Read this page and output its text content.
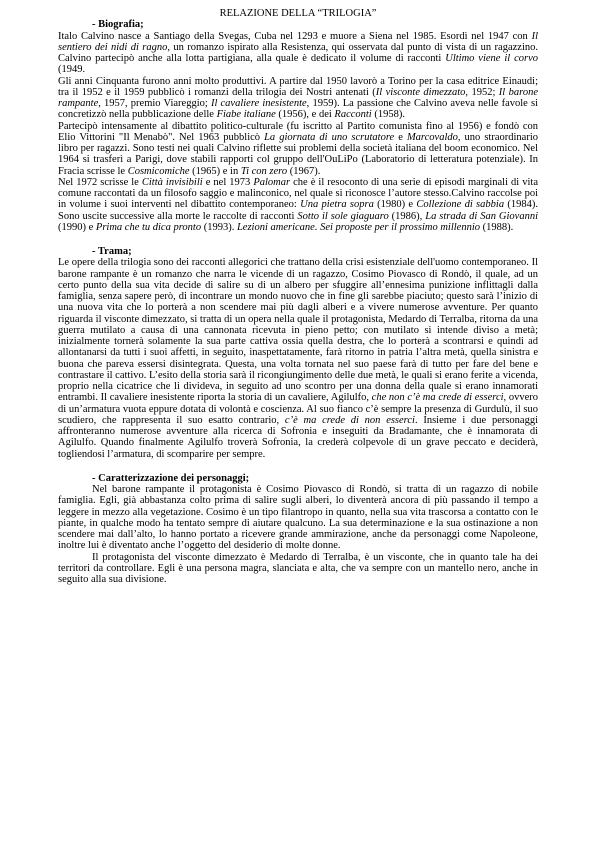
RELAZIONE DELLA “TRILOGIA”
- Biografia;
Italo Calvino nasce a Santiago della Svegas, Cuba nel 1293 e muore a Siena nel 1985. Esordì nel 1947 con Il sentiero dei nidi di ragno, un romanzo ispirato alla Resistenza, qui osservata dal punto di vista di un ragazzino. Calvino partecipò anche alla lotta partigiana, alla quale è dedicato il volume di racconti Ultimo viene il corvo (1949.
Gli anni Cinquanta furono anni molto produttivi. A partire dal 1950 lavorò a Torino per la casa editrice Einaudi; tra il 1952 e il 1959 pubblicò i romanzi della trilogia dei Nostri antenati (Il visconte dimezzato, 1952; Il barone rampante, 1957, premio Viareggio; Il cavaliere inesistente, 1959). La passione che Calvino aveva nelle favole si concretizzò nella pubblicazione delle Fiabe italiane (1956), e dei Racconti (1958).
Partecipò intensamente al dibattito politico-culturale (fu iscritto al Partito comunista fino al 1956) e fondò con Elio Vittorini "Il Menabò". Nel 1963 pubblicò La giornata di uno scrutatore e Marcovaldo, uno straordinario libro per ragazzi. Sono testi nei quali Calvino riflette sui problemi della società italiana del boom economico. Nel 1964 si trasferì a Parigi, dove stabilì rapporti col gruppo dell'OuLiPo (Laboratorio di letteratura potenziale). In Fracia scrisse le Cosmicomiche (1965) e in Ti con zero (1967).
Nel 1972 scrisse le Città invisibili e nel 1973 Palomar che è il resoconto di una serie di episodi marginali di vita comune raccontati da un filosofo saggio e malinconico, nel quale si riconosce l’autore stesso.Calvino raccolse poi in volume i suoi interventi nel dibattito contemporaneo: Una pietra sopra (1980) e Collezione di sabbia (1984). Sono uscite successive alla morte le raccolte di racconti Sotto il sole giaguaro (1986), La strada di San Giovanni (1990) e Prima che tu dica pronto (1993). Lezioni americane. Sei proposte per il prossimo millennio (1988).
- Trama;
Le opere della trilogia sono dei racconti allegorici che trattano della crisi esistenziale dell'uomo contemporaneo. Il barone rampante è un romanzo che narra le vicende di un ragazzo, Cosimo Piovasco di Rondò, il quale, ad un certo punto della sua vita decide di salire su di un albero per sfuggire all’ennesima punizione inflittagli dalla famiglia, senza sapere però, di incontrare un mondo nuovo che in fine gli sarebbe piaciuto; questo sarà l’inizio di una nuova vita che lo porterà a non scendere mai più dagli alberi e a vivere numerose avventure. Per quanto riguarda il visconte dimezzato, si tratta di un opera nella quale il protagonista, Medardo di Terralba, ritorna da una guerra mutilato a causa di una cannonata ricevuta in pieno petto; con mutilato si intende diviso a metà; inizialmente tornerà solamente la sua parte cattiva ossia quella destra, che lo porterà a scontrarsi e quindi ad allontanarsi da tutti i suoi affetti, in seguito, inaspettatamente, farà ritorno in patria l’altra metà, quella sinistra e buona che pareva essersi disintegrata. Questa, una volta tornata nel suo paese farà di tutto per fare del bene e contrastare il cattivo. L’esito della storia sarà il ricongiungimento delle due metà, le quali si erano ferite a vicenda, proprio nella cicatrice che li divideva, in seguito ad uno scontro per una donna della quale si erano innamorati entrambi. Il cavaliere inesistente riporta la storia di un cavaliere, Agilulfo, che non c’è ma crede di esserci, ovvero di un’armatura vuota eppure dotata di volontà e coscienza. Al suo fianco c’è sempre la presenza di Gurdulù, il suo scudiero, che rappresenta il suo esatto contrario, c’è ma crede di non esserci. Insieme i due personaggi affronteranno numerose avventure alla ricerca di Sofronia e inseguiti da Bradamante, che è innamorata di Agilulfo. Quando finalmente Agilulfo troverà Sofronia, la crederà colpevole di un grave peccato e deciderà, togliendosi l’armatura, di scomparire per sempre.
- Caratterizzazione dei personaggi;
Nel barone rampante il protagonista è Cosimo Piovasco di Rondò, si tratta di un ragazzo di nobile famiglia. Egli, già abbastanza colto prima di salire sugli alberi, lo diventerà ancora di più passando il tempo a leggere in mezzo alla vegetazione. Cosimo è un tipo filantropo in quanto, nella sua vita trascorsa a contatto con le piante, in qualche modo ha tentato sempre di aiutare qualcuno. La sua determinazione e la sua ostinazione a non scendere mai dall’alto, lo hanno portato a ricevere grande ammirazione, anche da personaggi come Napoleone, inoltre lui è diventato anche l’oggetto del desiderio di molte donne.
Il protagonista del visconte dimezzato è Medardo di Terralba, è un visconte, che in quanto tale ha dei territori da controllare. Egli è una persona magra, slanciata e alta, che va sempre con un mantello nero, anche in seguito alla sua divisione.
